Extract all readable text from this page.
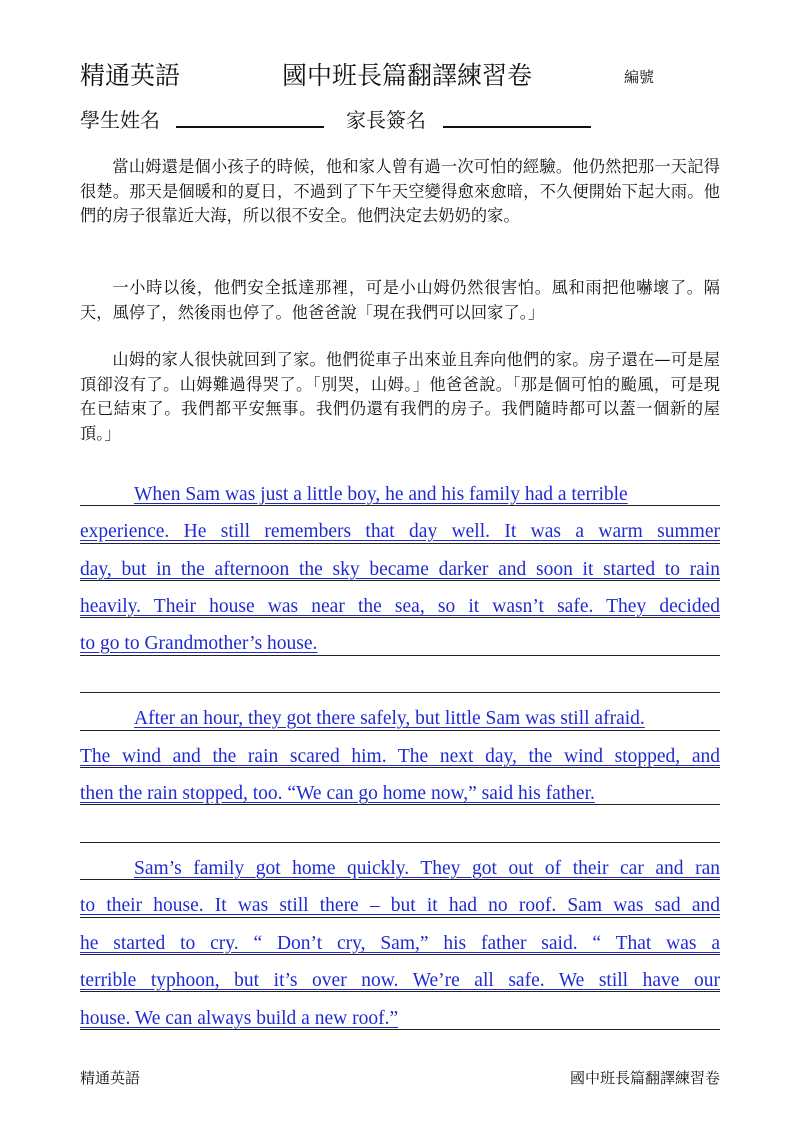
精通英語	國中班長篇翻譯練習卷	編號
學生姓名	家長簽名

當山姆還是個小孩子的時候，他和家人曾有過一次可怕的經驗。他仍然把那一天記得很楚。那天是個暖和的夏日，不過到了下午天空變得愈來愈暗，不久便開始下起大雨。他們的房子很靠近大海，所以很不安全。他們決定去奶奶的家。

一小時以後，他們安全抵達那裡，可是小山姆仍然很害怕。風和雨把他嚇壞了。隔天，風停了，然後雨也停了。他爸爸說「現在我們可以回家了。」

山姆的家人很快就回到了家。他們從車子出來並且奔向他們的家。房子還在—可是屋頂卻沒有了。山姆難過得哭了。「別哭，山姆。」他爸爸說。「那是個可怕的颱風，可是現在已結束了。我們都平安無事。我們仍還有我們的房子。我們隨時都可以蓋一個新的屋頂。」

When Sam was just a little boy, he and his family had a terrible
experience. He still remembers that day well. It was a warm summer
day, but in the afternoon the sky became darker and soon it started to rain
heavily. Their house was near the sea, so it wasn’t safe. They decided
to go to Grandmother’s house.
After an hour, they got there safely, but little Sam was still afraid.
The wind and the rain scared him. The next day, the wind stopped, and
then the rain stopped, too. “We can go home now,” said his father.
Sam’s family got home quickly. They got out of their car and ran
to their house. It was still there – but it had no roof. Sam was sad and
he started to cry. “ Don’t cry, Sam,” his father said. “ That was a
terrible typhoon, but it’s over now. We’re all safe. We still have our
house. We can always build a new roof.”
精通英語	國中班長篇翻譯練習卷
